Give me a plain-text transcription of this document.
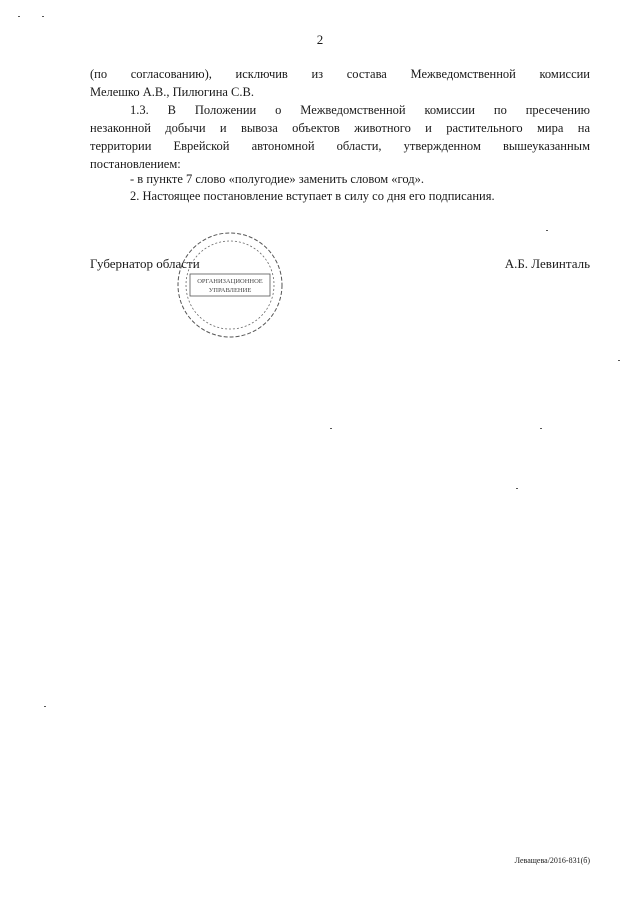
2
(по согласованию), исключив из состава Межведомственной комиссии
Мелешко А.В., Пилюгина С.В.
1.3. В Положении о Межведомственной комиссии по пресечению
незаконной добычи и вывоза объектов животного и растительного мира на
территории Еврейской автономной области, утвержденном вышеуказанным
постановлением:
- в пункте 7 слово «полугодие» заменить словом «год».
2. Настоящее постановление вступает в силу со дня его подписания.
Губернатор области	А.Б. Левинталь
ОРГАНИЗАЦИОННОЕ
УПРАВЛЕНИЕ
Леващева/2016-831(б)
